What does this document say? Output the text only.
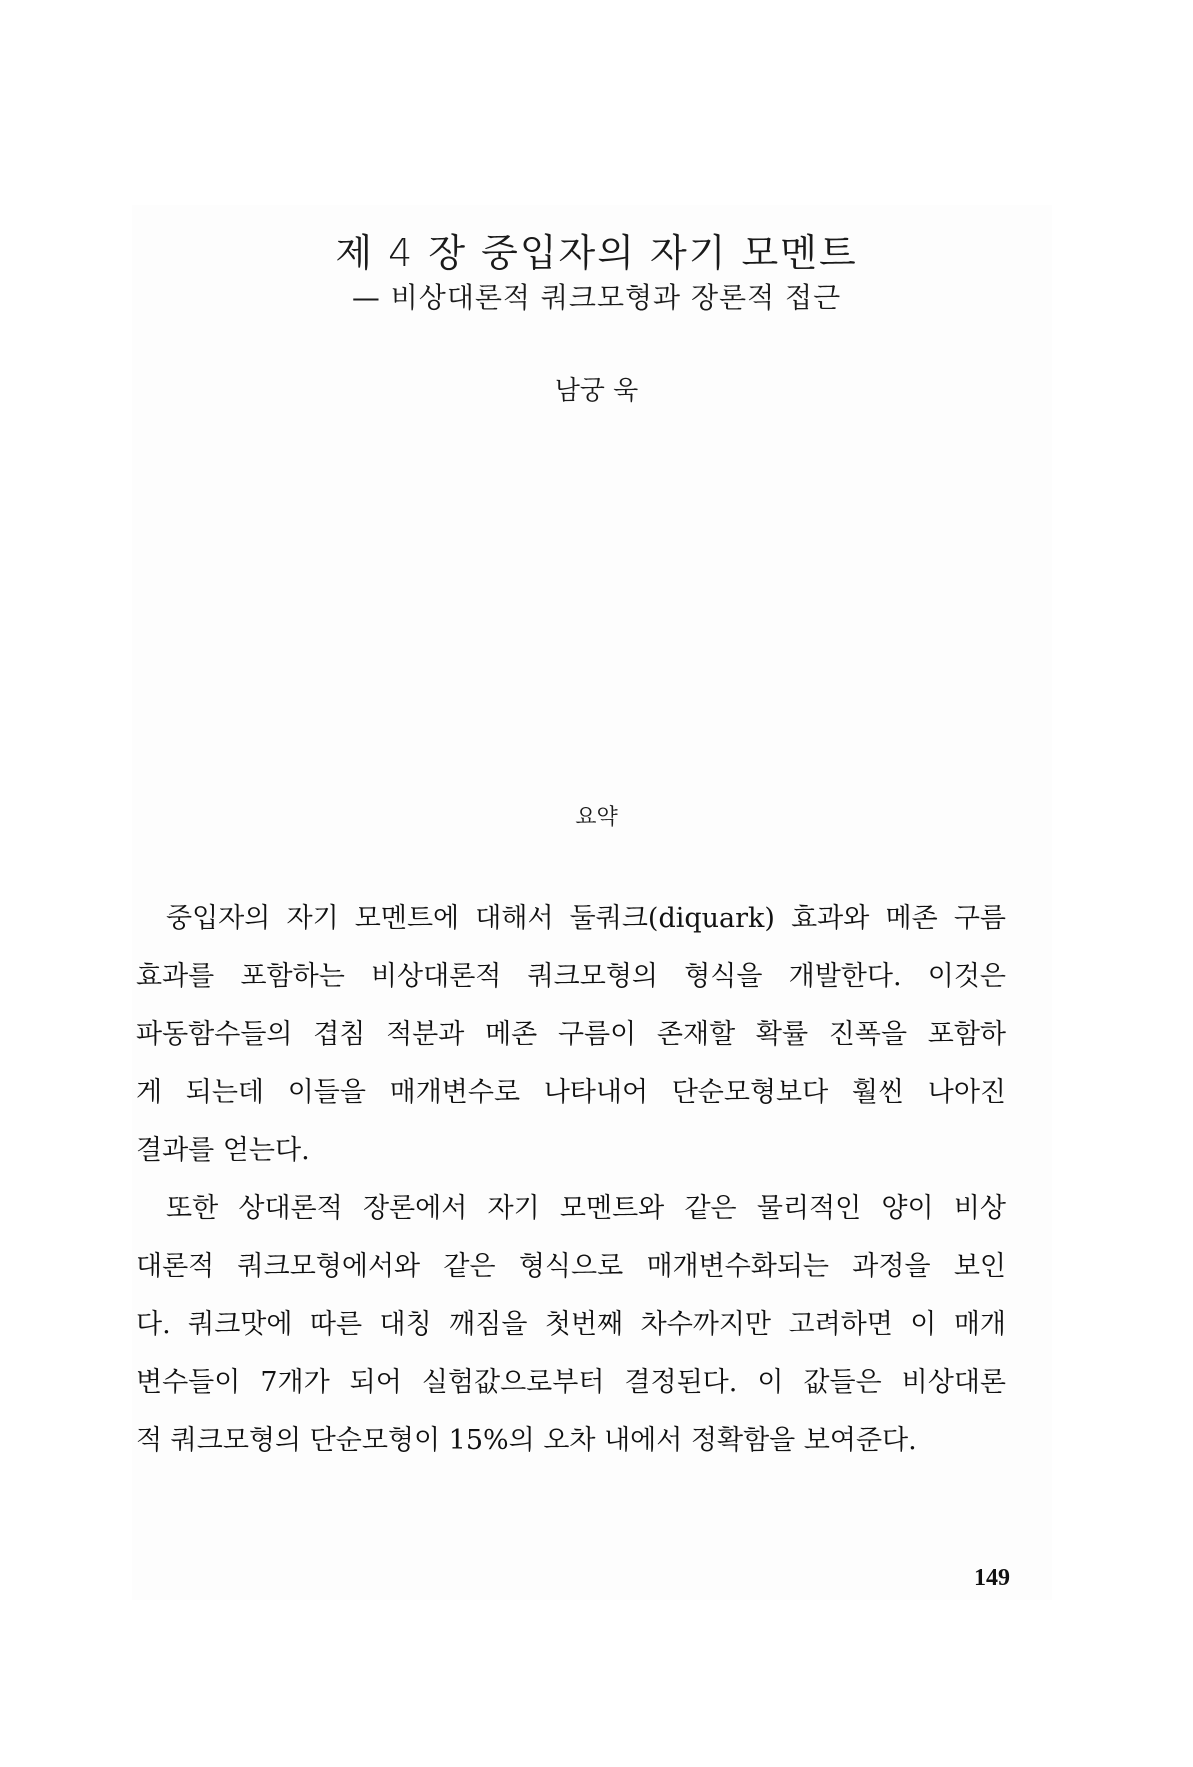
제 4 장 중입자의 자기 모멘트
— 비상대론적 쿼크모형과 장론적 접근
남궁 욱
요약
중입자의 자기 모멘트에 대해서 둘쿼크(diquark) 효과와 메존 구름
효과를 포함하는 비상대론적 쿼크모형의 형식을 개발한다. 이것은
파동함수들의 겹침 적분과 메존 구름이 존재할 확률 진폭을 포함하
게 되는데 이들을 매개변수로 나타내어 단순모형보다 훨씬 나아진
결과를 얻는다.
또한 상대론적 장론에서 자기 모멘트와 같은 물리적인 양이 비상
대론적 쿼크모형에서와 같은 형식으로 매개변수화되는 과정을 보인
다. 쿼크맛에 따른 대칭 깨짐을 첫번째 차수까지만 고려하면 이 매개
변수들이 7개가 되어 실험값으로부터 결정된다. 이 값들은 비상대론
적 쿼크모형의 단순모형이 15%의 오차 내에서 정확함을 보여준다.
149
